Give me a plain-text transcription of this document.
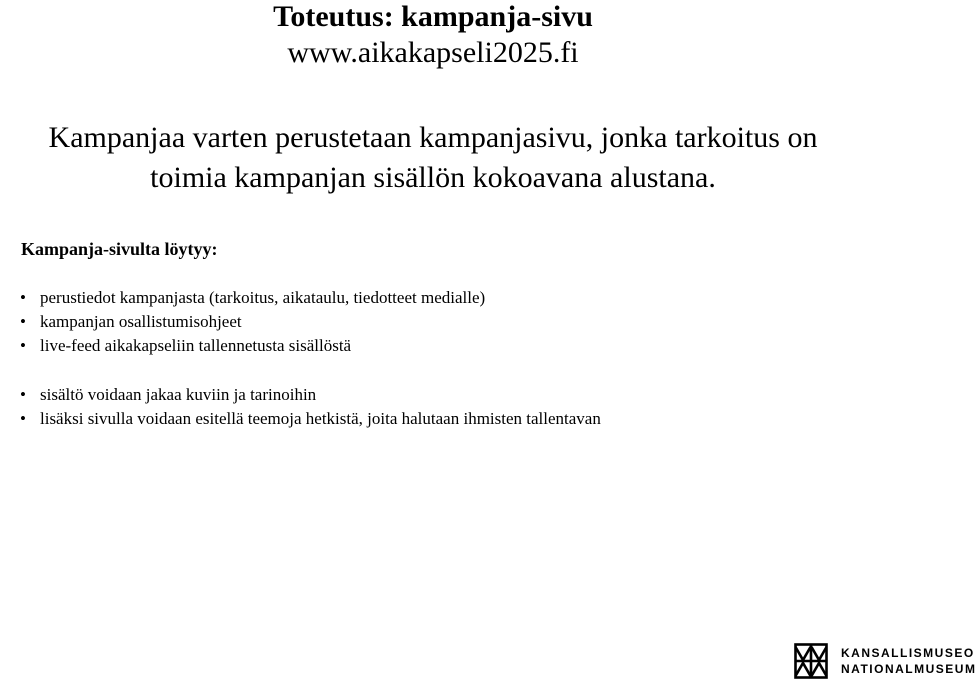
Toteutus: kampanja-sivu
www.aikakapseli2025.fi

Kampanjaa varten perustetaan kampanjasivu, jonka tarkoitus on
toimia kampanjan sisällön kokoavana alustana.

Kampanja-sivulta löytyy:
• perustiedot kampanjasta (tarkoitus, aikataulu, tiedotteet medialle)
• kampanjan osallistumisohjeet
• live-feed aikakapseliin tallennetusta sisällöstä
• sisältö voidaan jakaa kuviin ja tarinoihin
• lisäksi sivulla voidaan esitellä teemoja hetkistä, joita halutaan ihmisten tallentavan
KANSALLISMUSEO
NATIONALMUSEUM
